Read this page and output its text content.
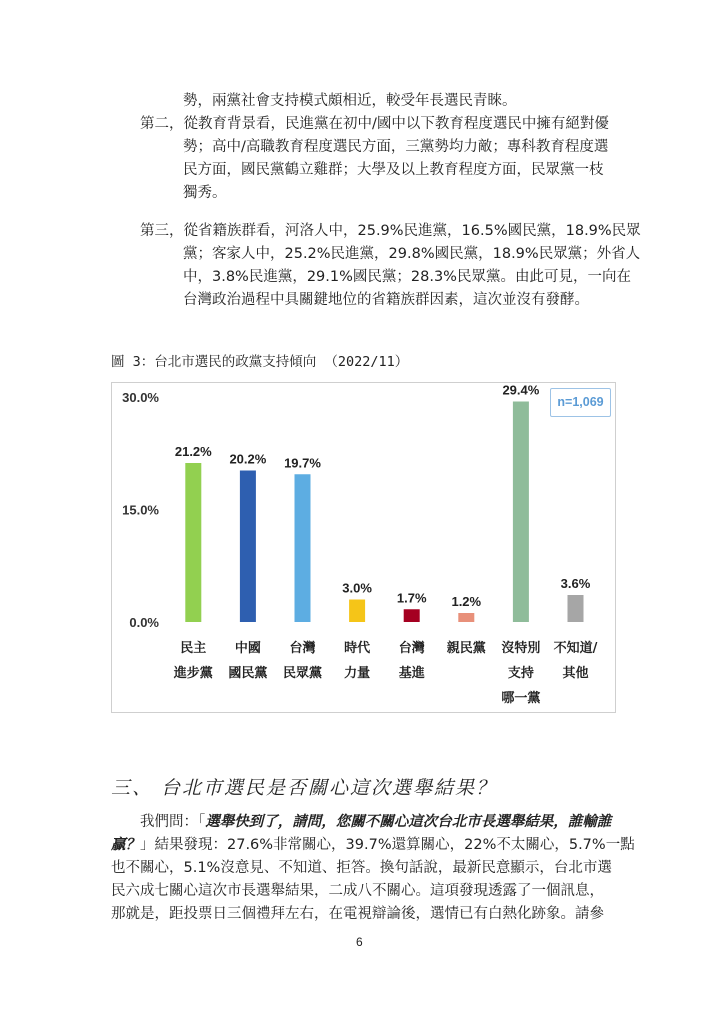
勢，兩黨社會支持模式頗相近，較受年長選民青睞。
第二，從教育背景看，民進黨在初中/國中以下教育程度選民中擁有絕對優
勢；高中/高職教育程度選民方面，三黨勢均力敵；專科教育程度選
民方面，國民黨鶴立雞群；大學及以上教育程度方面，民眾黨一枝
獨秀。
第三，從省籍族群看，河洛人中，25.9%民進黨，16.5%國民黨，18.9%民眾
黨；客家人中，25.2%民進黨，29.8%國民黨，18.9%民眾黨；外省人
中，3.8%民進黨，29.1%國民黨；28.3%民眾黨。由此可見，一向在
台灣政治過程中具關鍵地位的省籍族群因素，這次並沒有發酵。
圖 3：台北市選民的政黨支持傾向 （2022/11）
0.0%
15.0%
30.0%
21.2%
民主
進步黨
20.2%
中國
國民黨
19.7%
台灣
民眾黨
3.0%
時代
力量
1.7%
台灣
基進
1.2%
親民黨
29.4%
沒特別
支持
哪一黨
3.6%
不知道/
其他
n=1,069
三、 台北市選民是否關心這次選舉結果？
我們問：「選舉快到了，請問，您關不關心這次台北市長選舉結果，誰輸誰
贏？」結果發現：27.6%非常關心，39.7%還算關心，22%不太關心，5.7%一點
也不關心，5.1%沒意見、不知道、拒答。換句話說，最新民意顯示，台北市選
民六成七關心這次市長選舉結果，二成八不關心。這項發現透露了一個訊息，
那就是，距投票日三個禮拜左右，在電視辯論後，選情已有白熱化跡象。請參
6
